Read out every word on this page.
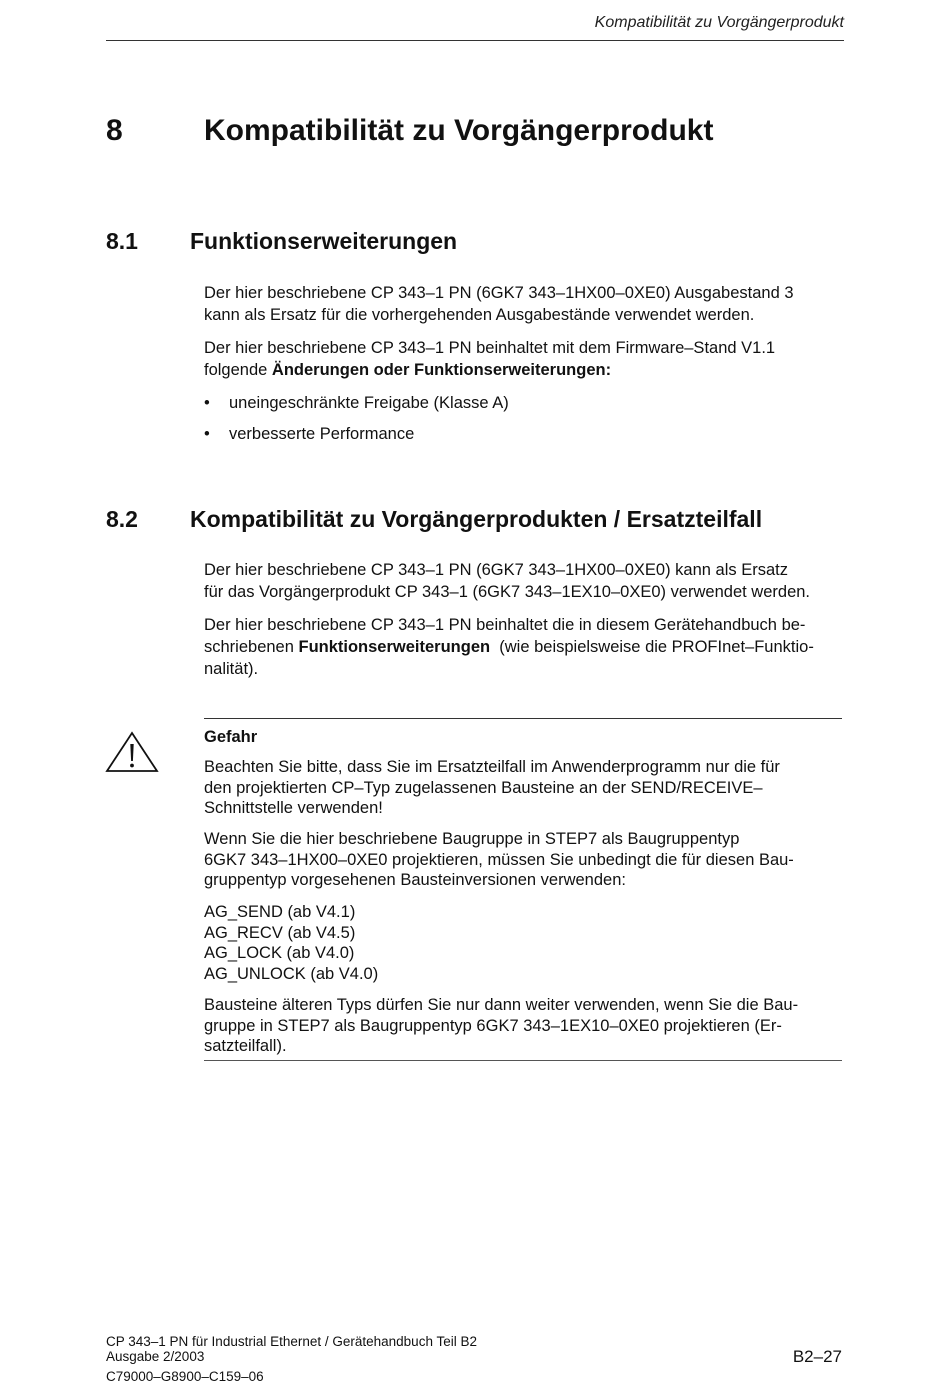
Kompatibilität zu Vorgängerprodukt
8	Kompatibilität zu Vorgängerprodukt
8.1 Funktionserweiterungen
Der hier beschriebene CP 343–1 PN (6GK7 343–1HX00–0XE0) Ausgabestand 3
kann als Ersatz für die vorhergehenden Ausgabestände verwendet werden.
Der hier beschriebene CP 343–1 PN beinhaltet mit dem Firmware–Stand V1.1
folgende Änderungen oder Funktionserweiterungen:
• uneingeschränkte Freigabe (Klasse A)
• verbesserte Performance
8.2 Kompatibilität zu Vorgängerprodukten / Ersatzteilfall
Der hier beschriebene CP 343–1 PN (6GK7 343–1HX00–0XE0) kann als Ersatz
für das Vorgängerprodukt CP 343–1 (6GK7 343–1EX10–0XE0) verwendet werden.
Der hier beschriebene CP 343–1 PN beinhaltet die in diesem Gerätehandbuch be-
schriebenen Funktionserweiterungen  (wie beispielsweise die PROFInet–Funktio-
nalität).
Gefahr
Beachten Sie bitte, dass Sie im Ersatzteilfall im Anwenderprogramm nur die für
den projektierten CP–Typ zugelassenen Bausteine an der SEND/RECEIVE–
Schnittstelle verwenden!
Wenn Sie die hier beschriebene Baugruppe in STEP7 als Baugruppentyp
6GK7 343–1HX00–0XE0 projektieren, müssen Sie unbedingt die für diesen Bau-
gruppentyp vorgesehenen Bausteinversionen verwenden:
AG_SEND (ab V4.1)
AG_RECV (ab V4.5)
AG_LOCK (ab V4.0)
AG_UNLOCK (ab V4.0)
Bausteine älteren Typs dürfen Sie nur dann weiter verwenden, wenn Sie die Bau-
gruppe in STEP7 als Baugruppentyp 6GK7 343–1EX10–0XE0 projektieren (Er-
satzteilfall).
CP 343–1 PN für Industrial Ethernet / Gerätehandbuch Teil B2
Ausgabe 2/2003
C79000–G8900–C159–06
B2–27
